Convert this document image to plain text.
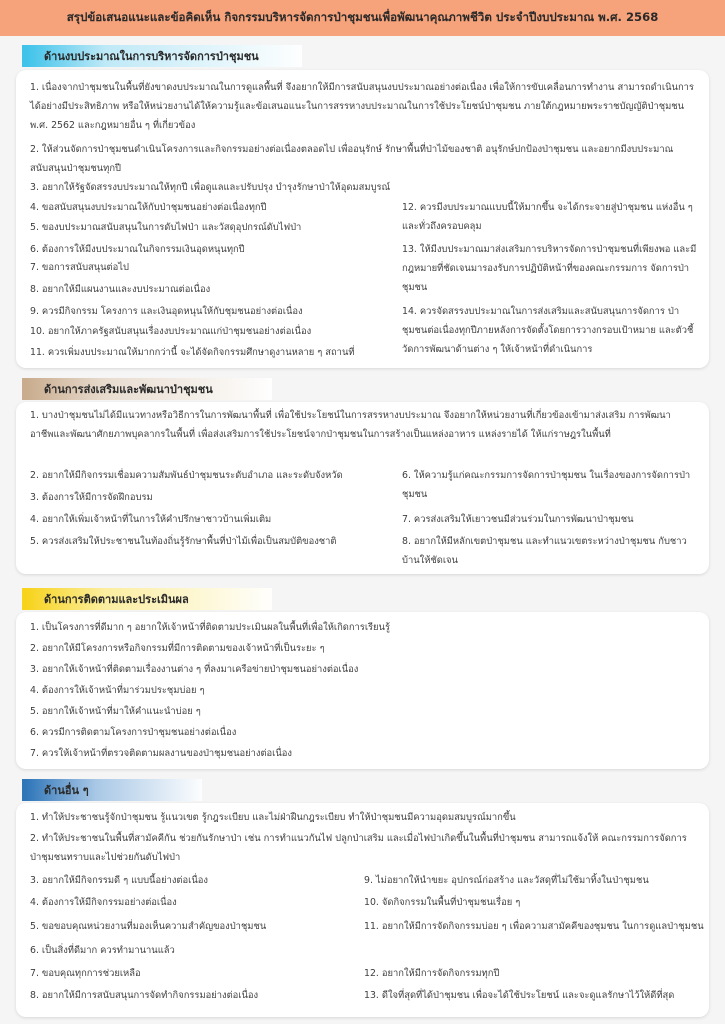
สรุปข้อเสนอแนะและข้อคิดเห็น กิจกรรมบริหารจัดการป่าชุมชนเพื่อพัฒนาคุณภาพชีวิต ประจำปีงบประมาณ พ.ศ. 2568
ด้านงบประมาณในการบริหารจัดการป่าชุมชน
1. เนื่องจากป่าชุมชนในพื้นที่ยังขาดงบประมาณในการดูแลพื้นที่ จึงอยากให้มีการสนับสนุนงบประมาณอย่างต่อเนื่อง เพื่อให้การขับเคลื่อนการทำงาน สามารถดำเนินการได้อย่างมีประสิทธิภาพ หรือให้หน่วยงานได้ให้ความรู้และข้อเสนอแนะในการสรรหางบประมาณในการใช้ประโยชน์ป่าชุมชน ภายใต้กฎหมายพระราชบัญญัติป่าชุมชน พ.ศ. 2562 และกฎหมายอื่น ๆ ที่เกี่ยวข้อง
2. ให้ส่วนจัดการป่าชุมชนดำเนินโครงการและกิจกรรมอย่างต่อเนื่องตลอดไป เพื่ออนุรักษ์ รักษาพื้นที่ป่าไม้ของชาติ อนุรักษ์ปกป้องป่าชุมชน และอยากมีงบประมาณสนับสนุนป่าชุมชนทุกปี
3. อยากให้รัฐจัดสรรงบประมาณให้ทุกปี เพื่อดูแลและปรับปรุง บำรุงรักษาป่าให้อุดมสมบูรณ์
4. ขอสนับสนุนงบประมาณให้กับป่าชุมชนอย่างต่อเนื่องทุกปี
5. ของบประมาณสนับสนุนในการดับไฟป่า และวัสดุอุปกรณ์ดับไฟป่า
6. ต้องการให้มีงบประมาณในกิจกรรมเงินอุดหนุนทุกปี
7. ขอการสนับสนุนต่อไป
8. อยากให้มีแผนงานและงบประมาณต่อเนื่อง
9. ควรมีกิจกรรม โครงการ และเงินอุดหนุนให้กับชุมชนอย่างต่อเนื่อง
10. อยากให้ภาครัฐสนับสนุนเรื่องงบประมาณแก่ป่าชุมชนอย่างต่อเนื่อง
11. ควรเพิ่มงบประมาณให้มากกว่านี้ จะได้จัดกิจกรรมศึกษาดูงานหลาย ๆ สถานที่
12. ควรมีงบประมาณแบบนี้ให้มากขึ้น จะได้กระจายสู่ป่าชุมชน แห่งอื่น ๆ และทั่วถึงครอบคลุม
13. ให้มีงบประมาณมาส่งเสริมการบริหารจัดการป่าชุมชนที่เพียงพอ และมีกฎหมายที่ชัดเจนมารองรับการปฏิบัติหน้าที่ของคณะกรรมการ จัดการป่าชุมชน
14. ควรจัดสรรงบประมาณในการส่งเสริมและสนับสนุนการจัดการ ป่าชุมชนต่อเนื่องทุกปีภายหลังการจัดตั้งโดยการวางกรอบเป้าหมาย และตัวชี้วัดการพัฒนาด้านต่าง ๆ ให้เจ้าหน้าที่ดำเนินการ
ด้านการส่งเสริมและพัฒนาป่าชุมชน
1. บางป่าชุมชนไม่ได้มีแนวทางหรือวิธีการในการพัฒนาพื้นที่ เพื่อใช้ประโยชน์ในการสรรหางบประมาณ จึงอยากให้หน่วยงานที่เกี่ยวข้องเข้ามาส่งเสริม การพัฒนาอาชีพและพัฒนาศักยภาพบุคลากรในพื้นที่ เพื่อส่งเสริมการใช้ประโยชน์จากป่าชุมชนในการสร้างเป็นแหล่งอาหาร แหล่งรายได้ ให้แก่ราษฎรในพื้นที่
2. อยากให้มีกิจกรรมเชื่อมความสัมพันธ์ป่าชุมชนระดับอำเภอ และระดับจังหวัด
3. ต้องการให้มีการจัดฝึกอบรม
4. อยากให้เพิ่มเจ้าหน้าที่ในการให้คำปรึกษาชาวบ้านเพิ่มเติม
5. ควรส่งเสริมให้ประชาชนในท้องถิ่นรู้รักษาพื้นที่ป่าไม้เพื่อเป็นสมบัติของชาติ
6. ให้ความรู้แก่คณะกรรมการจัดการป่าชุมชน ในเรื่องของการจัดการป่าชุมชน
7. ควรส่งเสริมให้เยาวชนมีส่วนร่วมในการพัฒนาป่าชุมชน
8. อยากให้มีหลักเขตป่าชุมชน และทำแนวเขตระหว่างป่าชุมชน กับชาวบ้านให้ชัดเจน
ด้านการติดตามและประเมินผล
1. เป็นโครงการที่ดีมาก ๆ อยากให้เจ้าหน้าที่ติดตามประเมินผลในพื้นที่เพื่อให้เกิดการเรียนรู้
2. อยากให้มีโครงการหรือกิจกรรมที่มีการติดตามของเจ้าหน้าที่เป็นระยะ ๆ
3. อยากให้เจ้าหน้าที่ติดตามเรื่องงานต่าง ๆ ที่ลงมาเครือข่ายป่าชุมชนอย่างต่อเนื่อง
4. ต้องการให้เจ้าหน้าที่มาร่วมประชุมบ่อย ๆ
5. อยากให้เจ้าหน้าที่มาให้คำแนะนำบ่อย ๆ
6. ควรมีการติดตามโครงการป่าชุมชนอย่างต่อเนื่อง
7. ควรให้เจ้าหน้าที่ตรวจติดตามผลงานของป่าชุมชนอย่างต่อเนื่อง
ด้านอื่น ๆ
1. ทำให้ประชาชนรู้จักป่าชุมชน รู้แนวเขต รู้กฎระเบียบ และไม่ฝ่าฝืนกฎระเบียบ ทำให้ป่าชุมชนมีความอุดมสมบูรณ์มากขึ้น
2. ทำให้ประชาชนในพื้นที่สามัคคีกัน ช่วยกันรักษาป่า เช่น การทำแนวกันไฟ ปลูกป่าเสริม และเมื่อไฟป่าเกิดขึ้นในพื้นที่ป่าชุมชน สามารถแจ้งให้ คณะกรรมการจัดการป่าชุมชนทราบและไปช่วยกันดับไฟป่า
3. อยากให้มีกิจกรรมดี ๆ แบบนี้อย่างต่อเนื่อง
4. ต้องการให้มีกิจกรรมอย่างต่อเนื่อง
5. ขอขอบคุณหน่วยงานที่มองเห็นความสำคัญของป่าชุมชน
6. เป็นสิ่งที่ดีมาก ควรทำมานานแล้ว
7. ขอบคุณทุกการช่วยเหลือ
8. อยากให้มีการสนับสนุนการจัดทำกิจกรรมอย่างต่อเนื่อง
9. ไม่อยากให้นำขยะ อุปกรณ์ก่อสร้าง และวัสดุที่ไม่ใช้มาทิ้งในป่าชุมชน
10. จัดกิจกรรมในพื้นที่ป่าชุมชนเรื่อย ๆ
11. อยากให้มีการจัดกิจกรรมบ่อย ๆ เพื่อความสามัคคีของชุมชน ในการดูแลป่าชุมชน
12. อยากให้มีการจัดกิจกรรมทุกปี
13. ดีใจที่สุดที่ได้ป่าชุมชน เพื่อจะได้ใช้ประโยชน์ และจะดูแลรักษาไว้ให้ดีที่สุด
